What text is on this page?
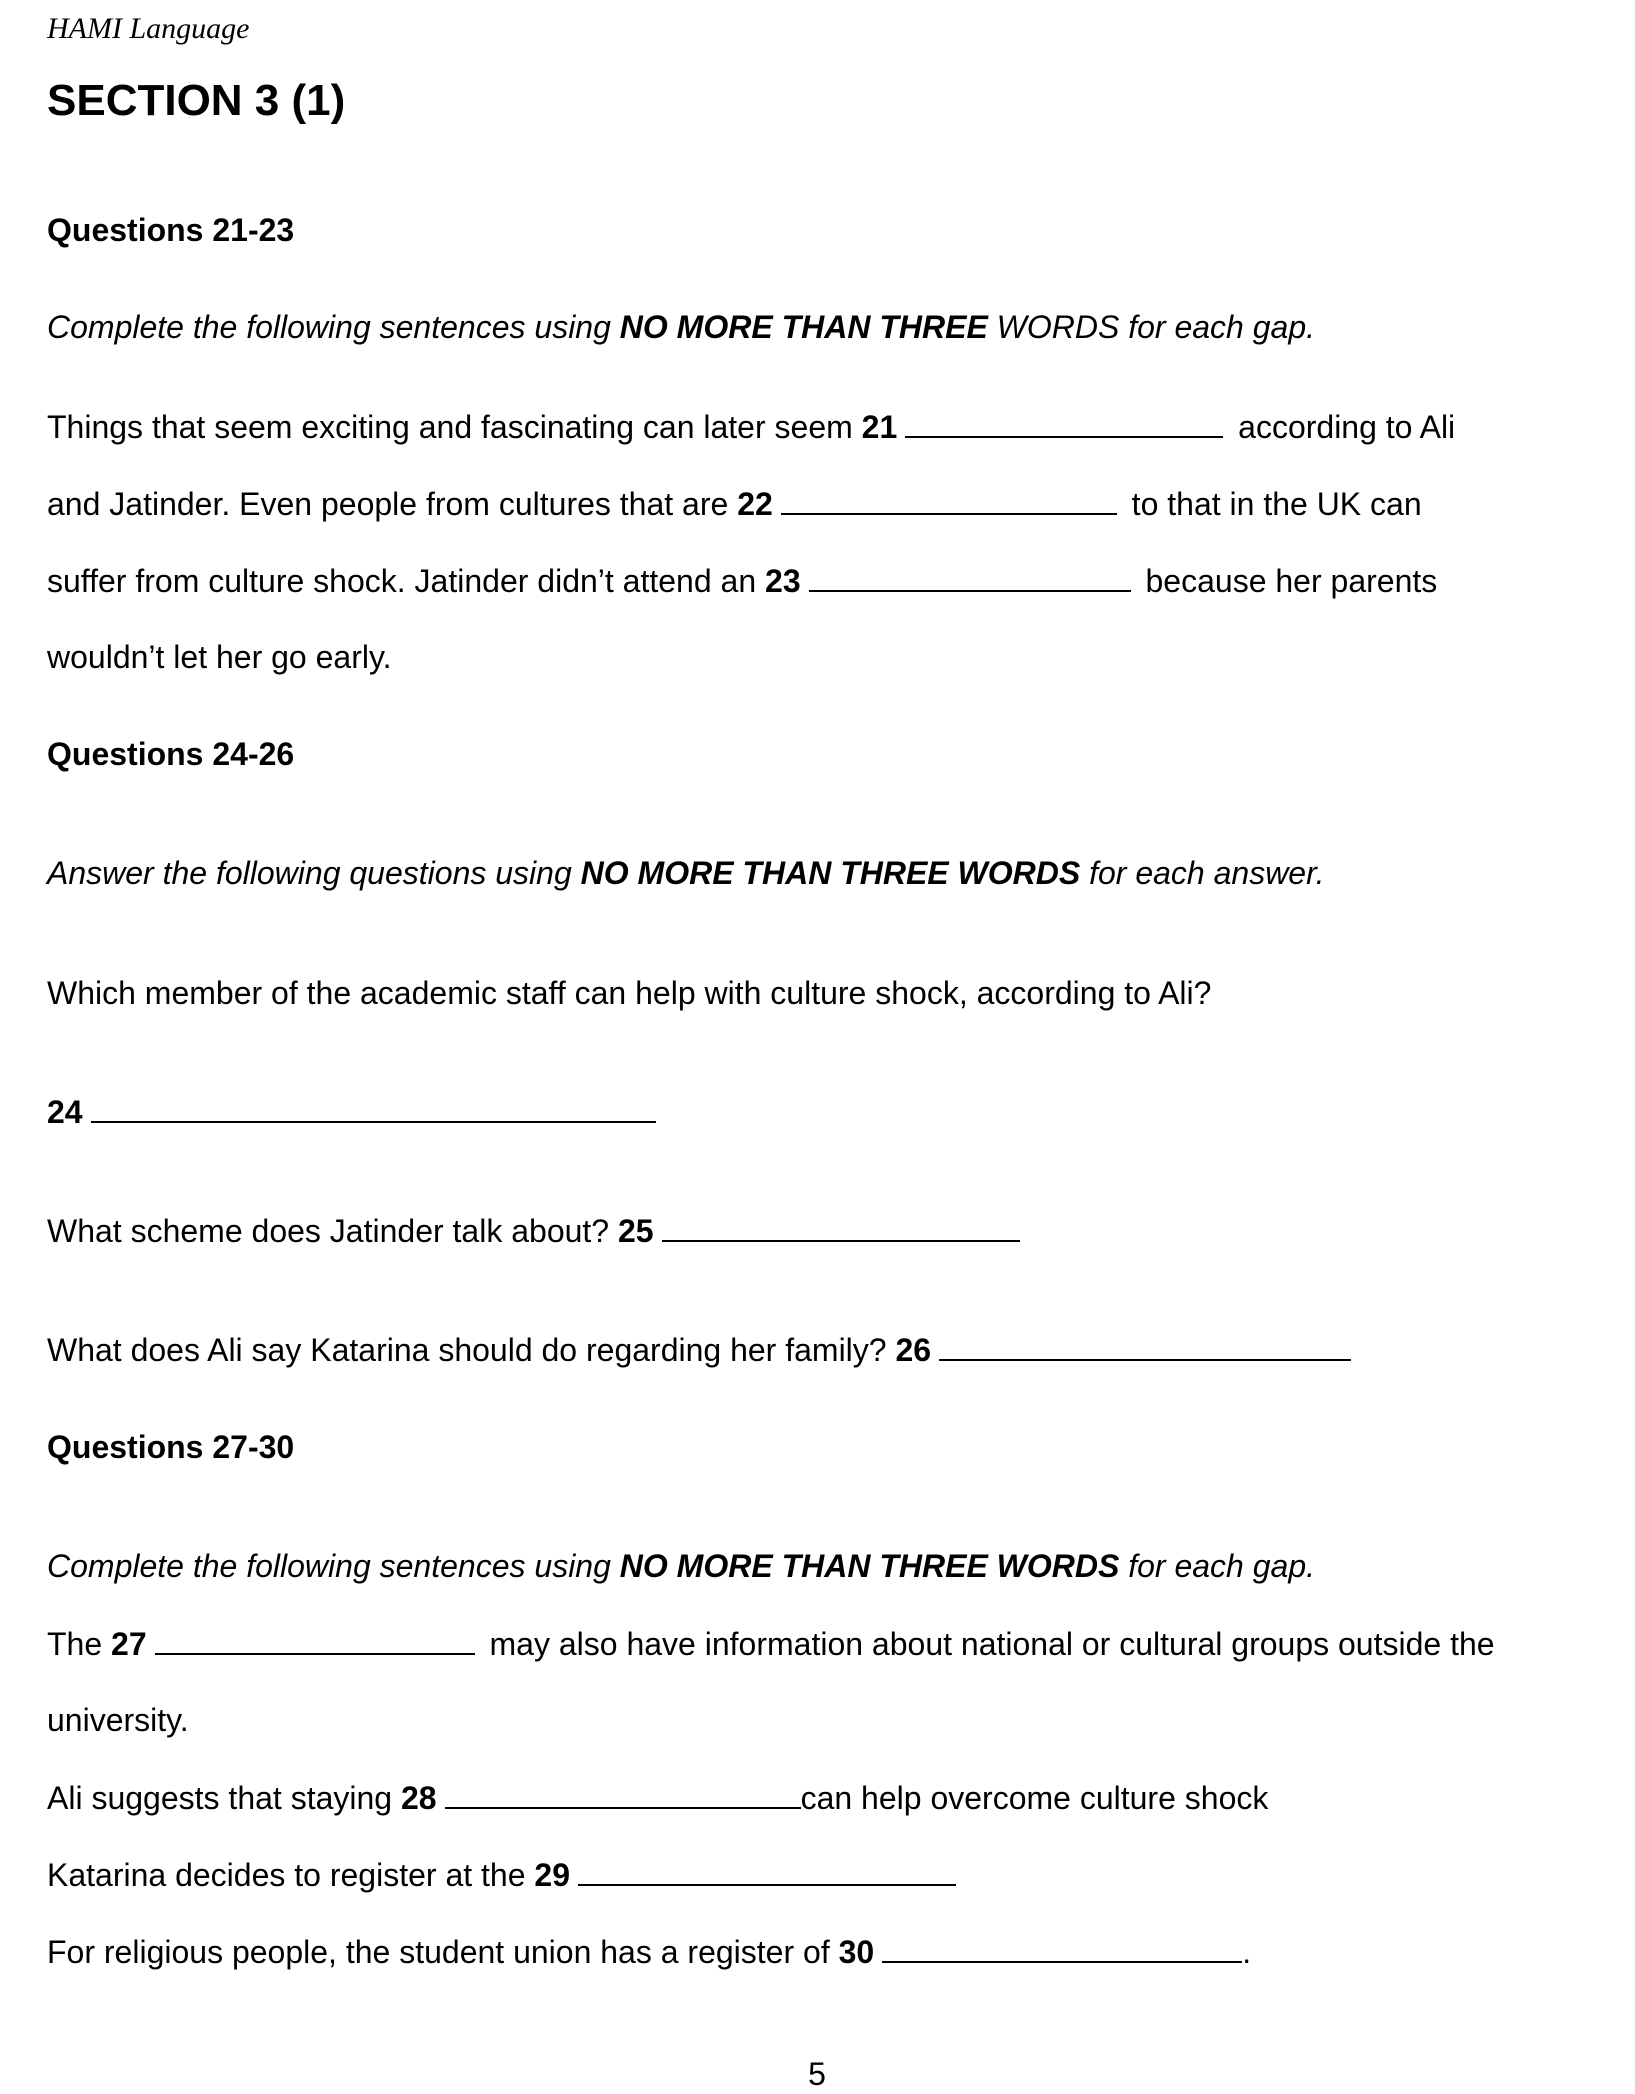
HAMI Language
SECTION 3 (1)
Questions 21-23
Complete the following sentences using NO MORE THAN THREE WORDS for each gap.
Things that seem exciting and fascinating can later seem 21	according to Ali
and Jatinder. Even people from cultures that are 22	to that in the UK can
suffer from culture shock. Jatinder didn’t attend an 23	because her parents
wouldn’t let her go early.
Questions 24-26
Answer the following questions using NO MORE THAN THREE WORDS for each answer.
Which member of the academic staff can help with culture shock, according to Ali?
24
What scheme does Jatinder talk about? 25
What does Ali say Katarina should do regarding her family? 26
Questions 27-30
Complete the following sentences using NO MORE THAN THREE WORDS for each gap.
The 27	may also have information about national or cultural groups outside the
university.
Ali suggests that staying 28	can help overcome culture shock
Katarina decides to register at the 29
For religious people, the student union has a register of 30	.
5
